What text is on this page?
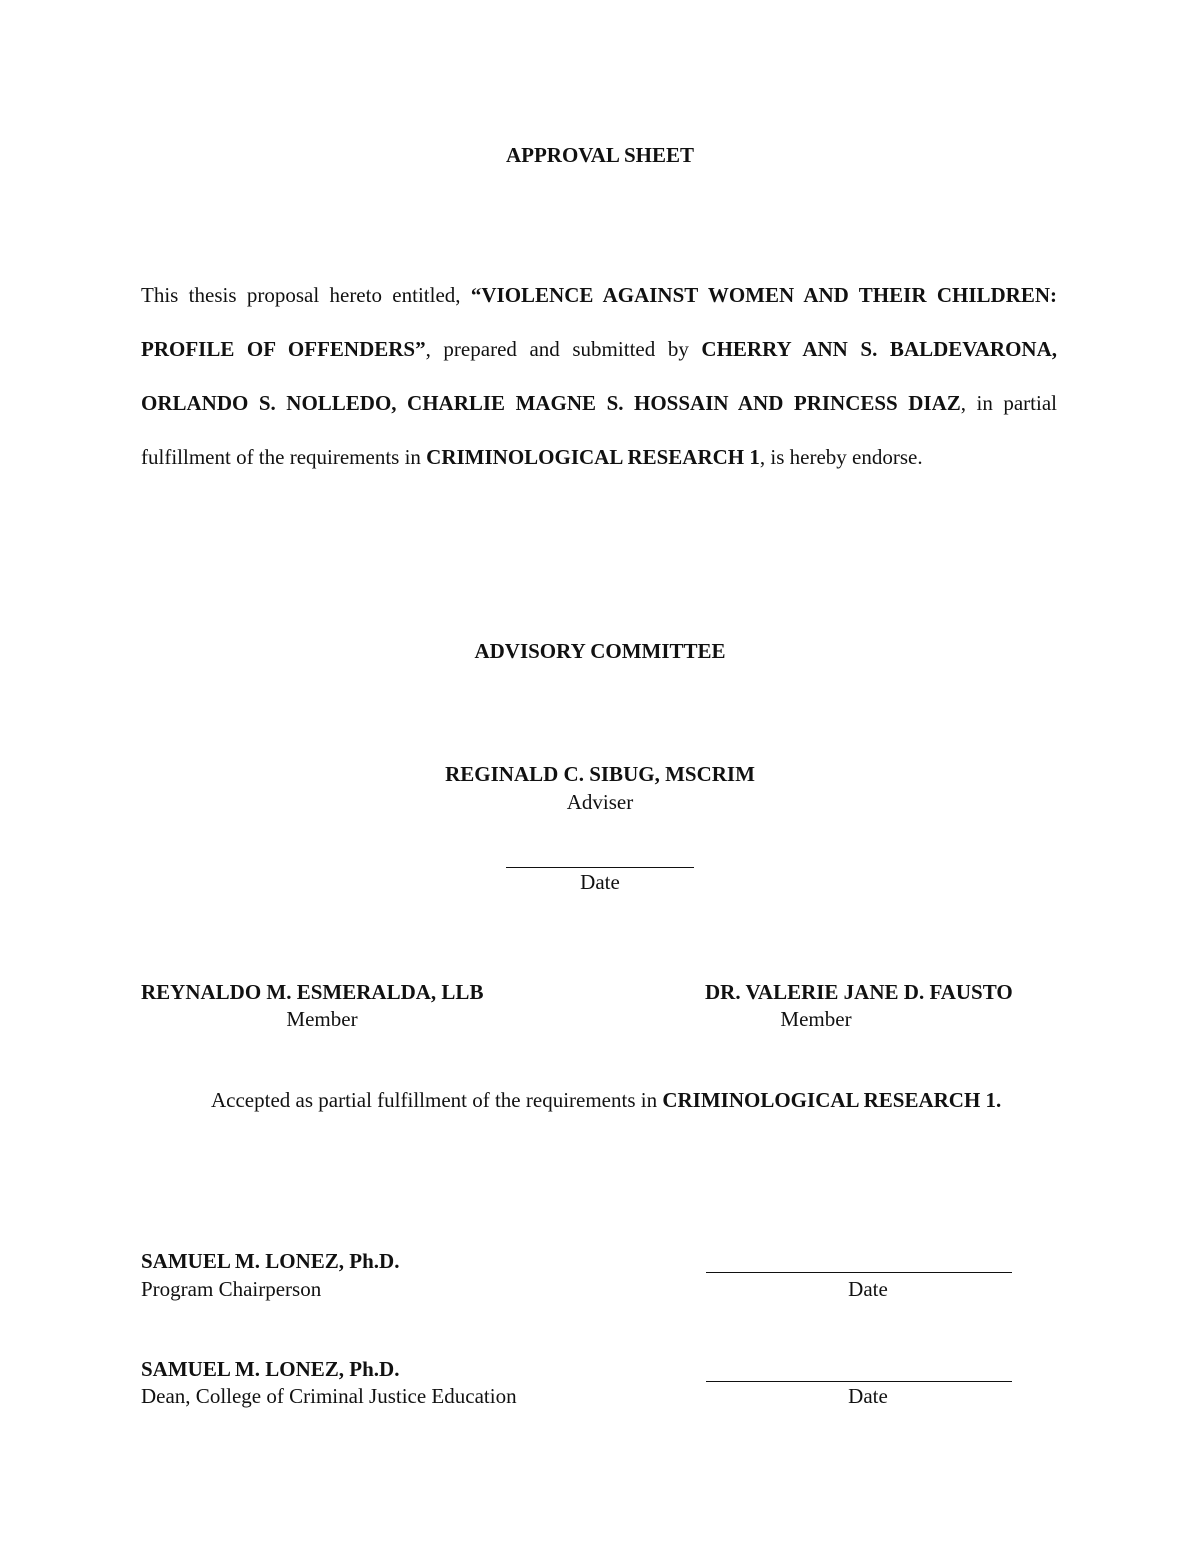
APPROVAL SHEET

This thesis proposal hereto entitled, “VIOLENCE AGAINST WOMEN AND THEIR CHILDREN: PROFILE OF OFFENDERS”, prepared and submitted by CHERRY ANN S. BALDEVARONA, ORLANDO S. NOLLEDO, CHARLIE MAGNE S. HOSSAIN AND PRINCESS DIAZ, in partial fulfillment of the requirements in CRIMINOLOGICAL RESEARCH 1, is hereby endorse.

ADVISORY COMMITTEE
REGINALD C. SIBUG, MSCRIM
Adviser
Date
REYNALDO M. ESMERALDA, LLB
Member
DR. VALERIE JANE D. FAUSTO
Member

Accepted as partial fulfillment of the requirements in CRIMINOLOGICAL RESEARCH 1.

SAMUEL M. LONEZ, Ph.D.
Program Chairperson	Date
SAMUEL M. LONEZ, Ph.D.
Dean, College of Criminal Justice Education	Date
